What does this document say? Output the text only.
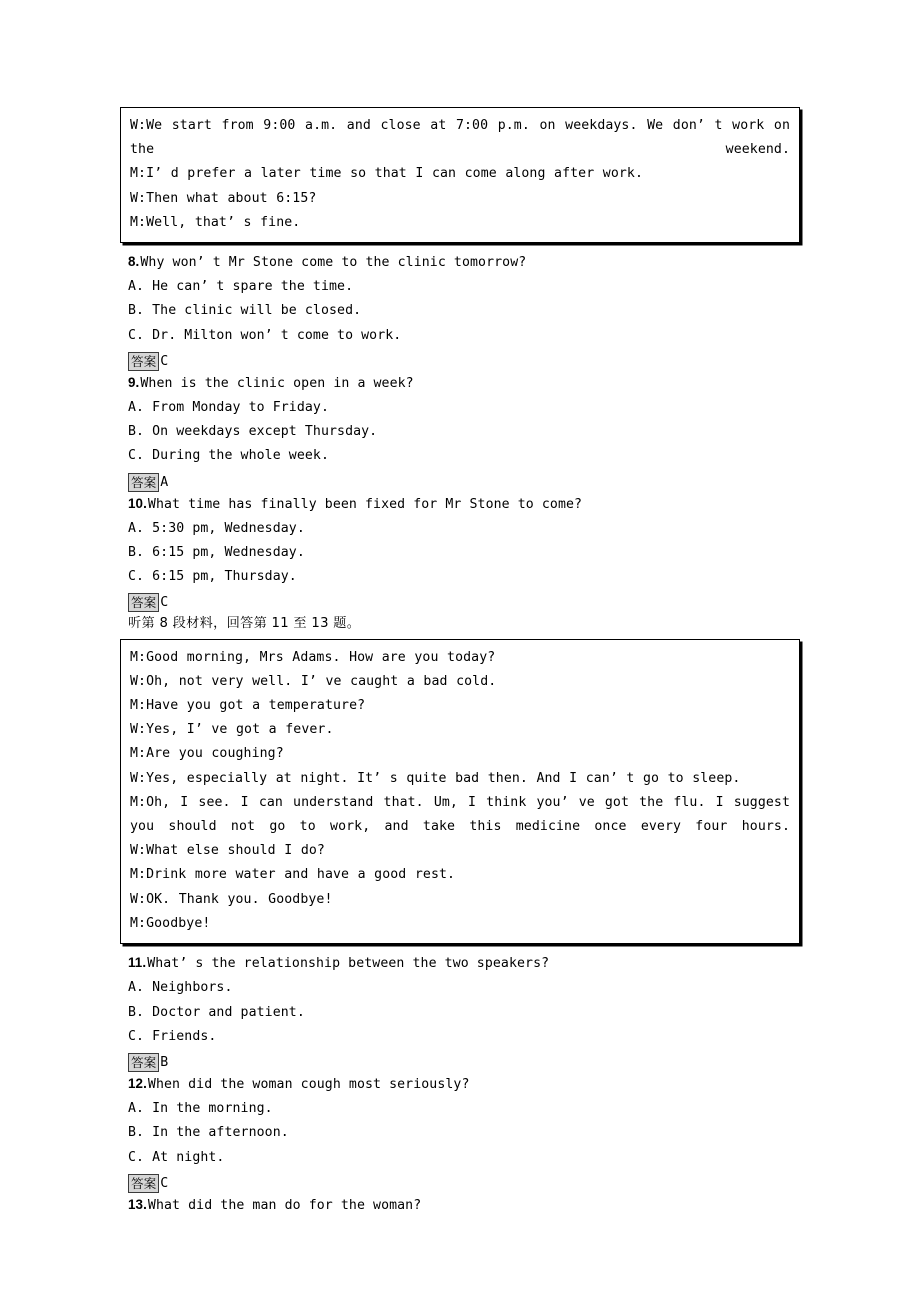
W:We start from 9:00 a.m. and close at 7:00 p.m. on weekdays. We don’ t work on the weekend.
M:I’ d prefer a later time so that I can come along after work.
W:Then what about 6:15?
M:Well, that’ s fine.
8.Why won’ t Mr Stone come to the clinic tomorrow?
A. He can’ t spare the time.
B. The clinic will be closed.
C. Dr. Milton won’ t come to work.
答案 C
9.When is the clinic open in a week?
A. From Monday to Friday.
B. On weekdays except Thursday.
C. During the whole week.
答案 A
10.What time has finally been fixed for Mr Stone to come?
A. 5:30 pm, Wednesday.
B. 6:15 pm, Wednesday.
C. 6:15 pm, Thursday.
答案 C
听第 8 段材料，回答第 11 至 13 题。
M:Good morning, Mrs Adams. How are you today?
W:Oh, not very well. I’ ve caught a bad cold.
M:Have you got a temperature?
W:Yes, I’ ve got a fever.
M:Are you coughing?
W:Yes, especially at night. It’ s quite bad then. And I can’ t go to sleep.
M:Oh, I see. I can understand that. Um, I think you’ ve got the flu. I suggest you should not go to work, and take this medicine once every four hours.
W:What else should I do?
M:Drink more water and have a good rest.
W:OK. Thank you. Goodbye!
M:Goodbye!
11.What’ s the relationship between the two speakers?
A. Neighbors.
B. Doctor and patient.
C. Friends.
答案 B
12.When did the woman cough most seriously?
A. In the morning.
B. In the afternoon.
C. At night.
答案 C
13.What did the man do for the woman?
